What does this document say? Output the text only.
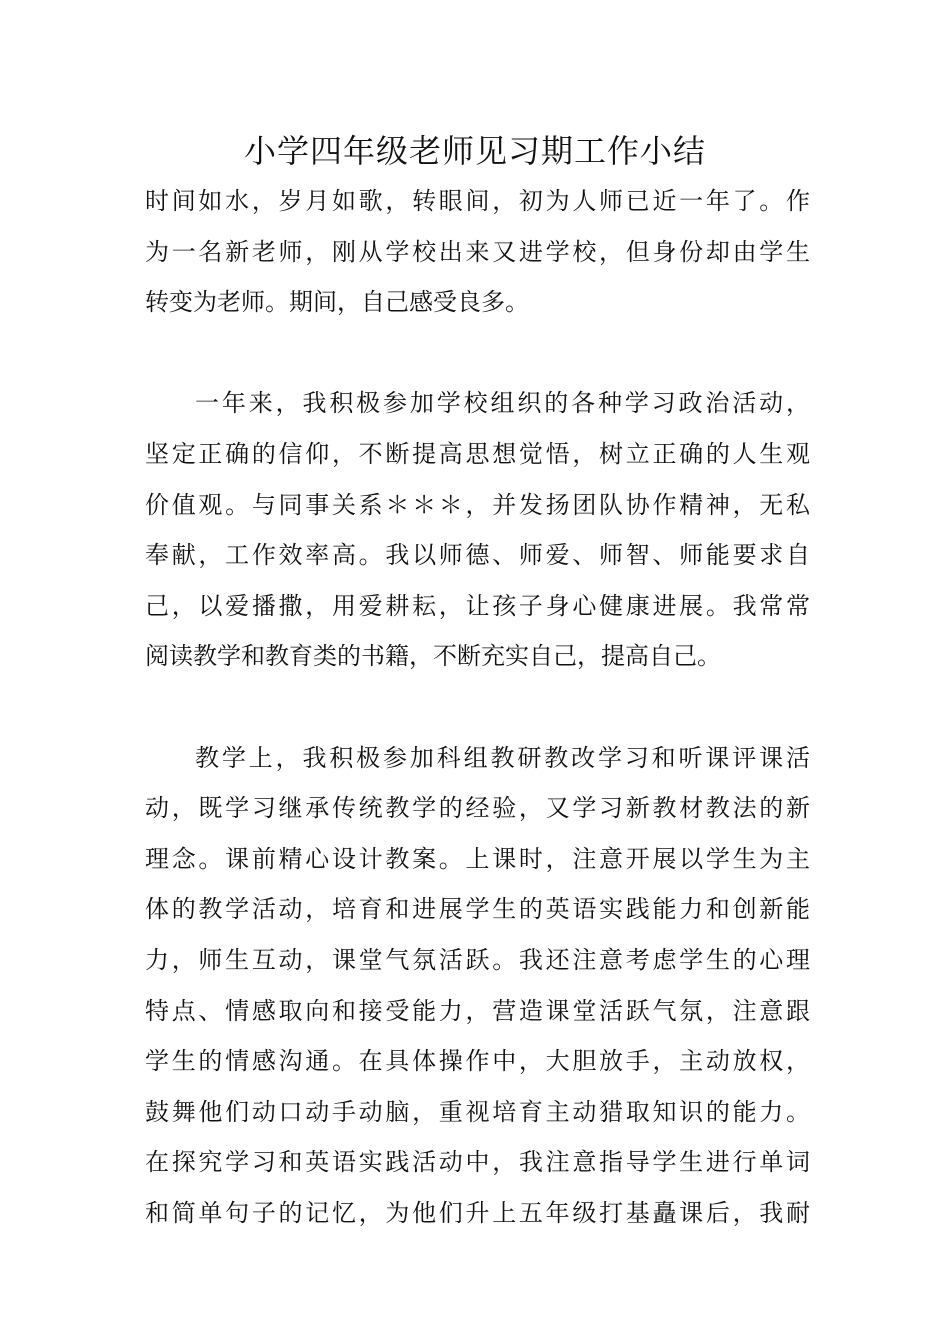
小学四年级老师见习期工作小结
时间如水，岁月如歌，转眼间，初为人师已近一年了。作
为一名新老师，刚从学校出来又进学校，但身份却由学生
转变为老师。期间，自己感受良多。
一年来，我积极参加学校组织的各种学习政治活动，
坚定正确的信仰，不断提高思想觉悟，树立正确的人生观
价值观。与同事关系＊＊＊，并发扬团队协作精神，无私
奉献，工作效率高。我以师德、师爱、师智、师能要求自
己，以爱播撒，用爱耕耘，让孩子身心健康进展。我常常
阅读教学和教育类的书籍，不断充实自己，提高自己。
教学上，我积极参加科组教研教改学习和听课评课活
动，既学习继承传统教学的经验，又学习新教材教法的新
理念。课前精心设计教案。上课时，注意开展以学生为主
体的教学活动，培育和进展学生的英语实践能力和创新能
力，师生互动，课堂气氛活跃。我还注意考虑学生的心理
特点、情感取向和接受能力，营造课堂活跃气氛，注意跟
学生的情感沟通。在具体操作中，大胆放手，主动放权，
鼓舞他们动口动手动脑，重视培育主动猎取知识的能力。
在探究学习和英语实践活动中，我注意指导学生进行单词
和简单句子的记忆，为他们升上五年级打基矗课后，我耐
